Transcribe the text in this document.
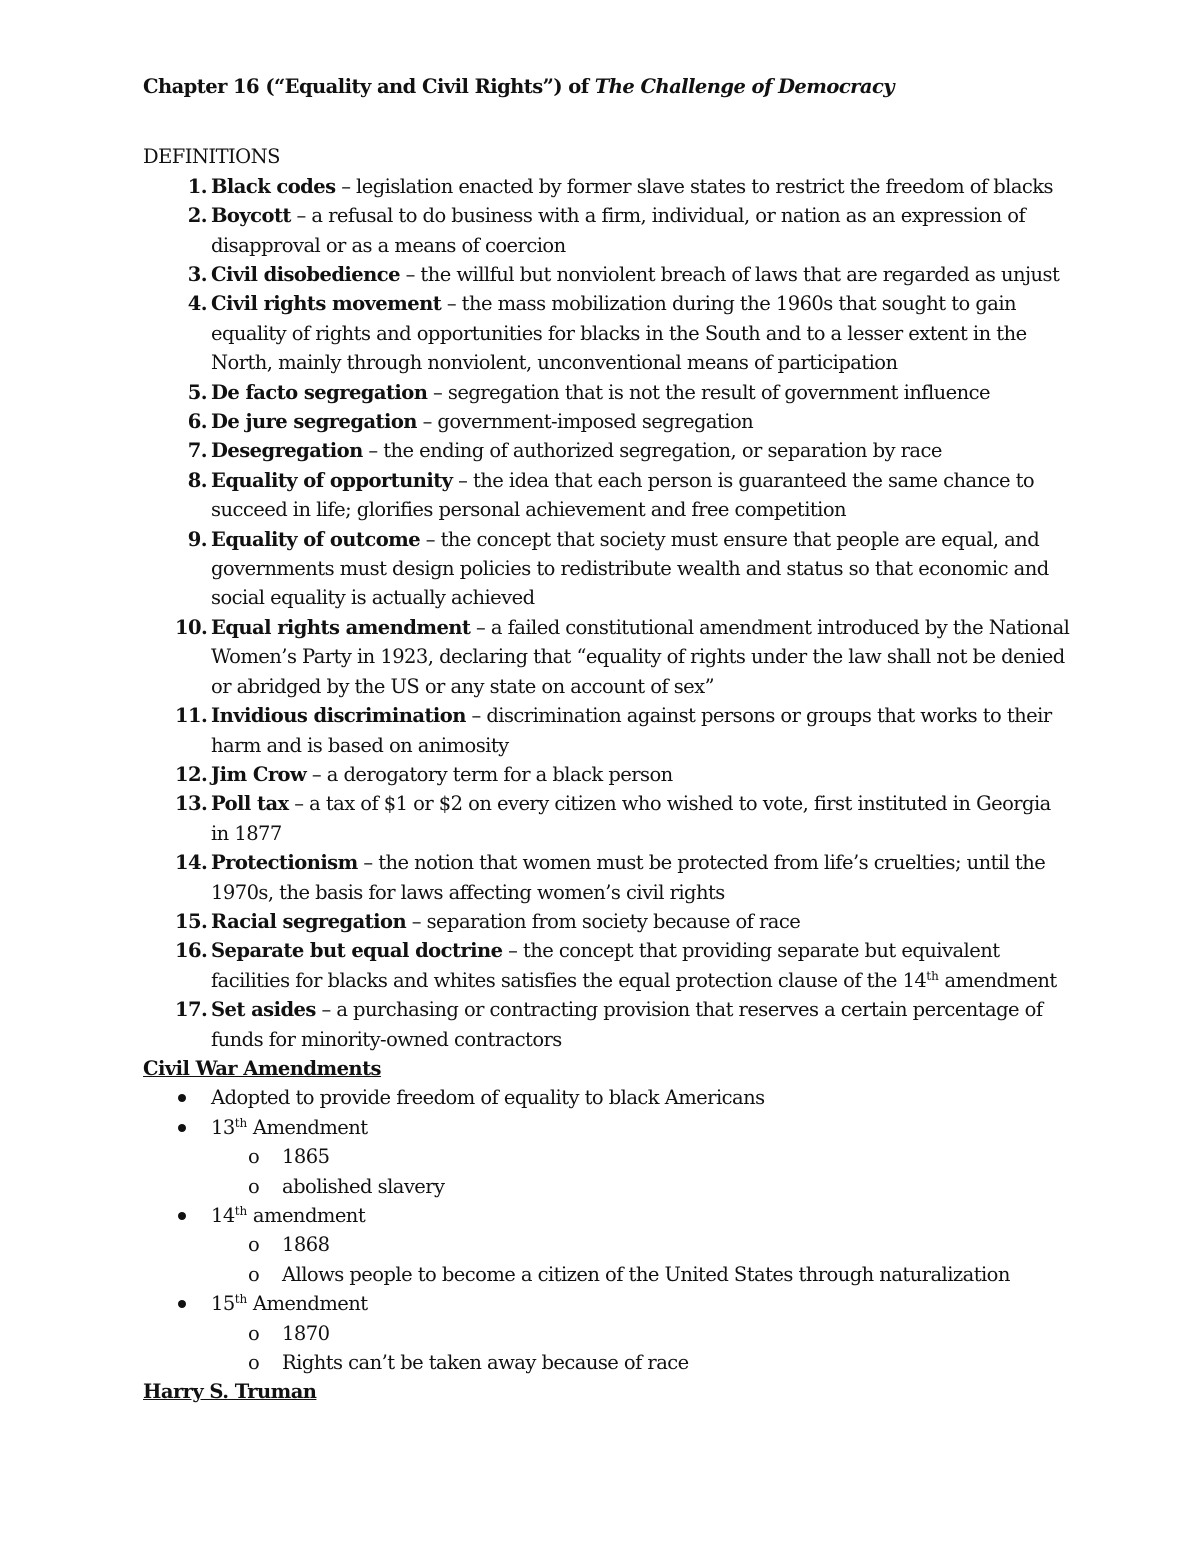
Chapter 16 (“Equality and Civil Rights”) of The Challenge of Democracy

DEFINITIONS

1. Black codes – legislation enacted by former slave states to restrict the freedom of blacks
2. Boycott – a refusal to do business with a firm, individual, or nation as an expression of disapproval or as a means of coercion
3. Civil disobedience – the willful but nonviolent breach of laws that are regarded as unjust
4. Civil rights movement – the mass mobilization during the 1960s that sought to gain equality of rights and opportunities for blacks in the South and to a lesser extent in the North, mainly through nonviolent, unconventional means of participation
5. De facto segregation – segregation that is not the result of government influence
6. De jure segregation – government-imposed segregation
7. Desegregation – the ending of authorized segregation, or separation by race
8. Equality of opportunity – the idea that each person is guaranteed the same chance to succeed in life; glorifies personal achievement and free competition
9. Equality of outcome – the concept that society must ensure that people are equal, and governments must design policies to redistribute wealth and status so that economic and social equality is actually achieved
10. Equal rights amendment – a failed constitutional amendment introduced by the National Women’s Party in 1923, declaring that “equality of rights under the law shall not be denied or abridged by the US or any state on account of sex”
11. Invidious discrimination – discrimination against persons or groups that works to their harm and is based on animosity
12. Jim Crow – a derogatory term for a black person
13. Poll tax – a tax of $1 or $2 on every citizen who wished to vote, first instituted in Georgia in 1877
14. Protectionism – the notion that women must be protected from life’s cruelties; until the 1970s, the basis for laws affecting women’s civil rights
15. Racial segregation – separation from society because of race
16. Separate but equal doctrine – the concept that providing separate but equivalent facilities for blacks and whites satisfies the equal protection clause of the 14th amendment
17. Set asides – a purchasing or contracting provision that reserves a certain percentage of funds for minority-owned contractors

Civil War Amendments

Adopted to provide freedom of equality to black Americans
13th Amendment
o 1865
o abolished slavery
14th amendment
o 1868
o Allows people to become a citizen of the United States through naturalization
15th Amendment
o 1870
o Rights can’t be taken away because of race

Harry S. Truman
